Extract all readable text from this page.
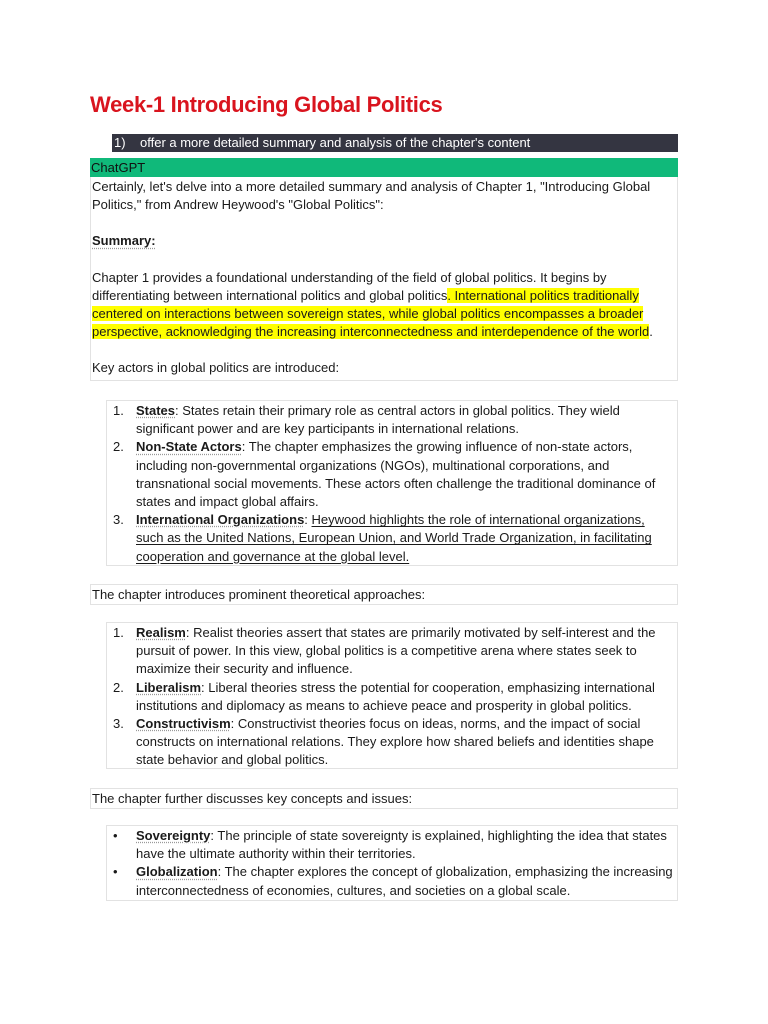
Week-1 Introducing Global Politics
1) offer a more detailed summary and analysis of the chapter's content
ChatGPT

Certainly, let's delve into a more detailed summary and analysis of Chapter 1, "Introducing Global Politics," from Andrew Heywood's "Global Politics":

Summary:

Chapter 1 provides a foundational understanding of the field of global politics. It begins by differentiating between international politics and global politics. International politics traditionally centered on interactions between sovereign states, while global politics encompasses a broader perspective, acknowledging the increasing interconnectedness and interdependence of the world.

Key actors in global politics are introduced:

1. States: States retain their primary role as central actors in global politics. They wield significant power and are key participants in international relations.
2. Non-State Actors: The chapter emphasizes the growing influence of non-state actors, including non-governmental organizations (NGOs), multinational corporations, and transnational social movements. These actors often challenge the traditional dominance of states and impact global affairs.
3. International Organizations: Heywood highlights the role of international organizations, such as the United Nations, European Union, and World Trade Organization, in facilitating cooperation and governance at the global level.
The chapter introduces prominent theoretical approaches:
1. Realism: Realist theories assert that states are primarily motivated by self-interest and the pursuit of power. In this view, global politics is a competitive arena where states seek to maximize their security and influence.
2. Liberalism: Liberal theories stress the potential for cooperation, emphasizing international institutions and diplomacy as means to achieve peace and prosperity in global politics.
3. Constructivism: Constructivist theories focus on ideas, norms, and the impact of social constructs on international relations. They explore how shared beliefs and identities shape state behavior and global politics.
The chapter further discusses key concepts and issues:
• Sovereignty: The principle of state sovereignty is explained, highlighting the idea that states have the ultimate authority within their territories.
• Globalization: The chapter explores the concept of globalization, emphasizing the increasing interconnectedness of economies, cultures, and societies on a global scale.
